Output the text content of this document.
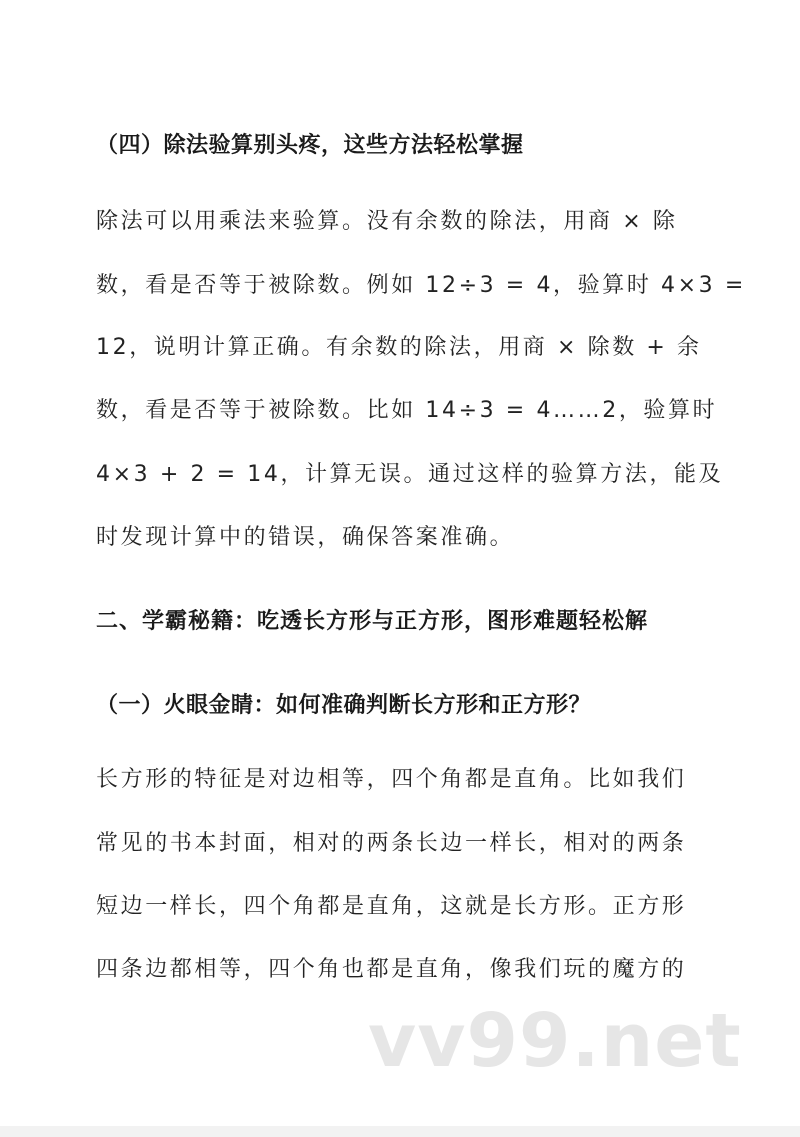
（四）除法验算别头疼，这些方法轻松掌握
除法可以用乘法来验算。没有余数的除法，用商 × 除
数，看是否等于被除数。例如 12÷3 = 4，验算时 4×3 =
12，说明计算正确。有余数的除法，用商 × 除数 + 余
数，看是否等于被除数。比如 14÷3 = 4……2，验算时
4×3 + 2 = 14，计算无误。通过这样的验算方法，能及
时发现计算中的错误，确保答案准确。
二、学霸秘籍：吃透长方形与正方形，图形难题轻松解
（一）火眼金睛：如何准确判断长方形和正方形？
长方形的特征是对边相等，四个角都是直角。比如我们
常见的书本封面，相对的两条长边一样长，相对的两条
短边一样长，四个角都是直角，这就是长方形。正方形
四条边都相等，四个角也都是直角，像我们玩的魔方的
vv99.net
